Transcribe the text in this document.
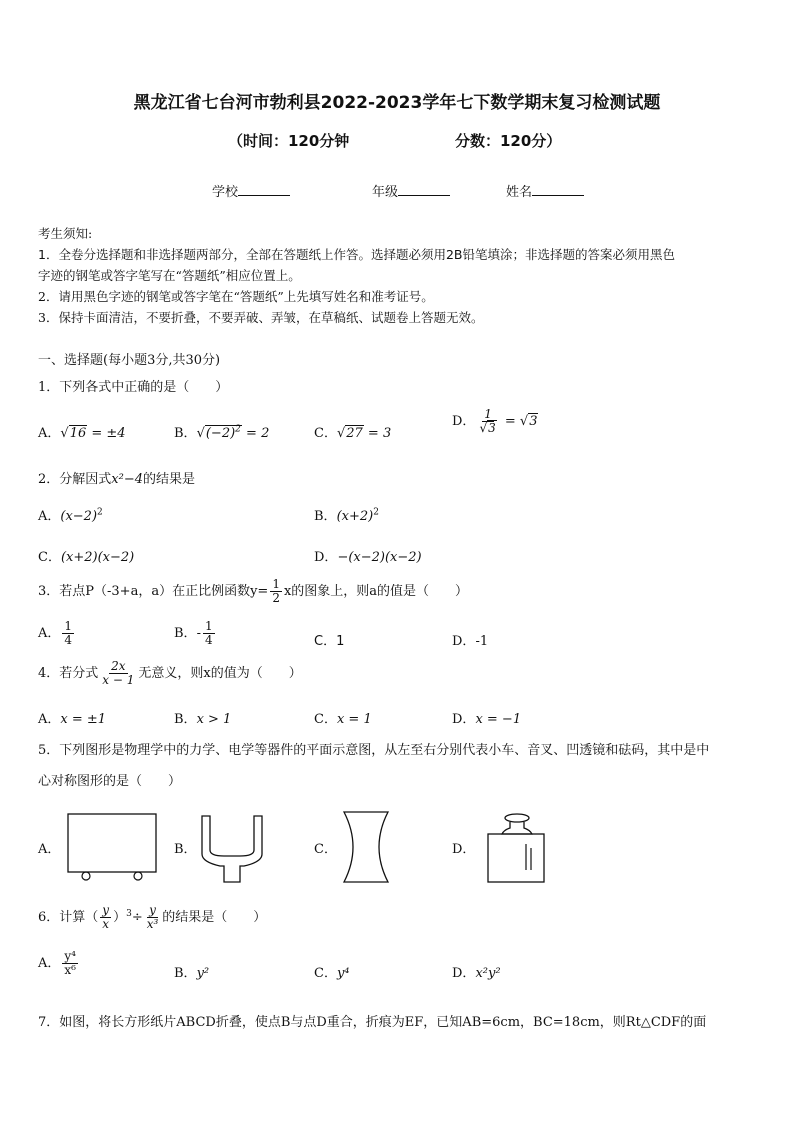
黑龙江省七台河市勃利县2022-2023学年七下数学期末复习检测试题
（时间：120分钟	分数：120分）
学校	年级	姓名
考生须知:
1．全卷分选择题和非选择题两部分，全部在答题纸上作答。选择题必须用2B铅笔填涂；非选择题的答案必须用黑色
字迹的钢笔或答字笔写在“答题纸”相应位置上。
2．请用黑色字迹的钢笔或答字笔在“答题纸”上先填写姓名和准考证号。
3．保持卡面清洁，不要折叠，不要弄破、弄皱，在草稿纸、试题卷上答题无效。
一、选择题(每小题3分,共30分)
1．下列各式中正确的是（　　）
A．√16 = ±4	B．$√(-2)^2 = 2$	C．√27 = 3
D． $\frac{1}{√3} = √3$
2．分解因式x²−4的结果是
A．$(x-2)^2$	B．$(x+2)^2$
C．(x+2)(x−2)	D．−(x−2)(x−2)
3．若点P（-3+a，a）在正比例函数$y= \frac{1}{2}$ x的图象上，则a的值是（　　）
A． $\frac{1}{4}$	B．- $\frac{1}{4}$	C．1	D．-1
4．若分式 $\frac{2x}{x - 1}$ 无意义，则x的值为（　　）
A．x = ±1	B．x > 1	C．x = 1	D．x = −1
5．下列图形是物理学中的力学、电学等器件的平面示意图，从左至右分别代表小车、音叉、凹透镜和砝码，其中是中
心对称图形的是（　　）
A．	B．	C．	D．
6．计算（ $\frac{y}{x} )^3\div \frac{y}{\text{x³}}$ 的结果是（　　）
A． $\frac{\text{y⁴}}{\text{x⁶}}$	B．y²	C．y⁴	D．x²y²
7．如图，将长方形纸片ABCD折叠，使点B与点D重合，折痕为EF，已知AB=6cm，BC=18cm，则Rt△CDF的面
